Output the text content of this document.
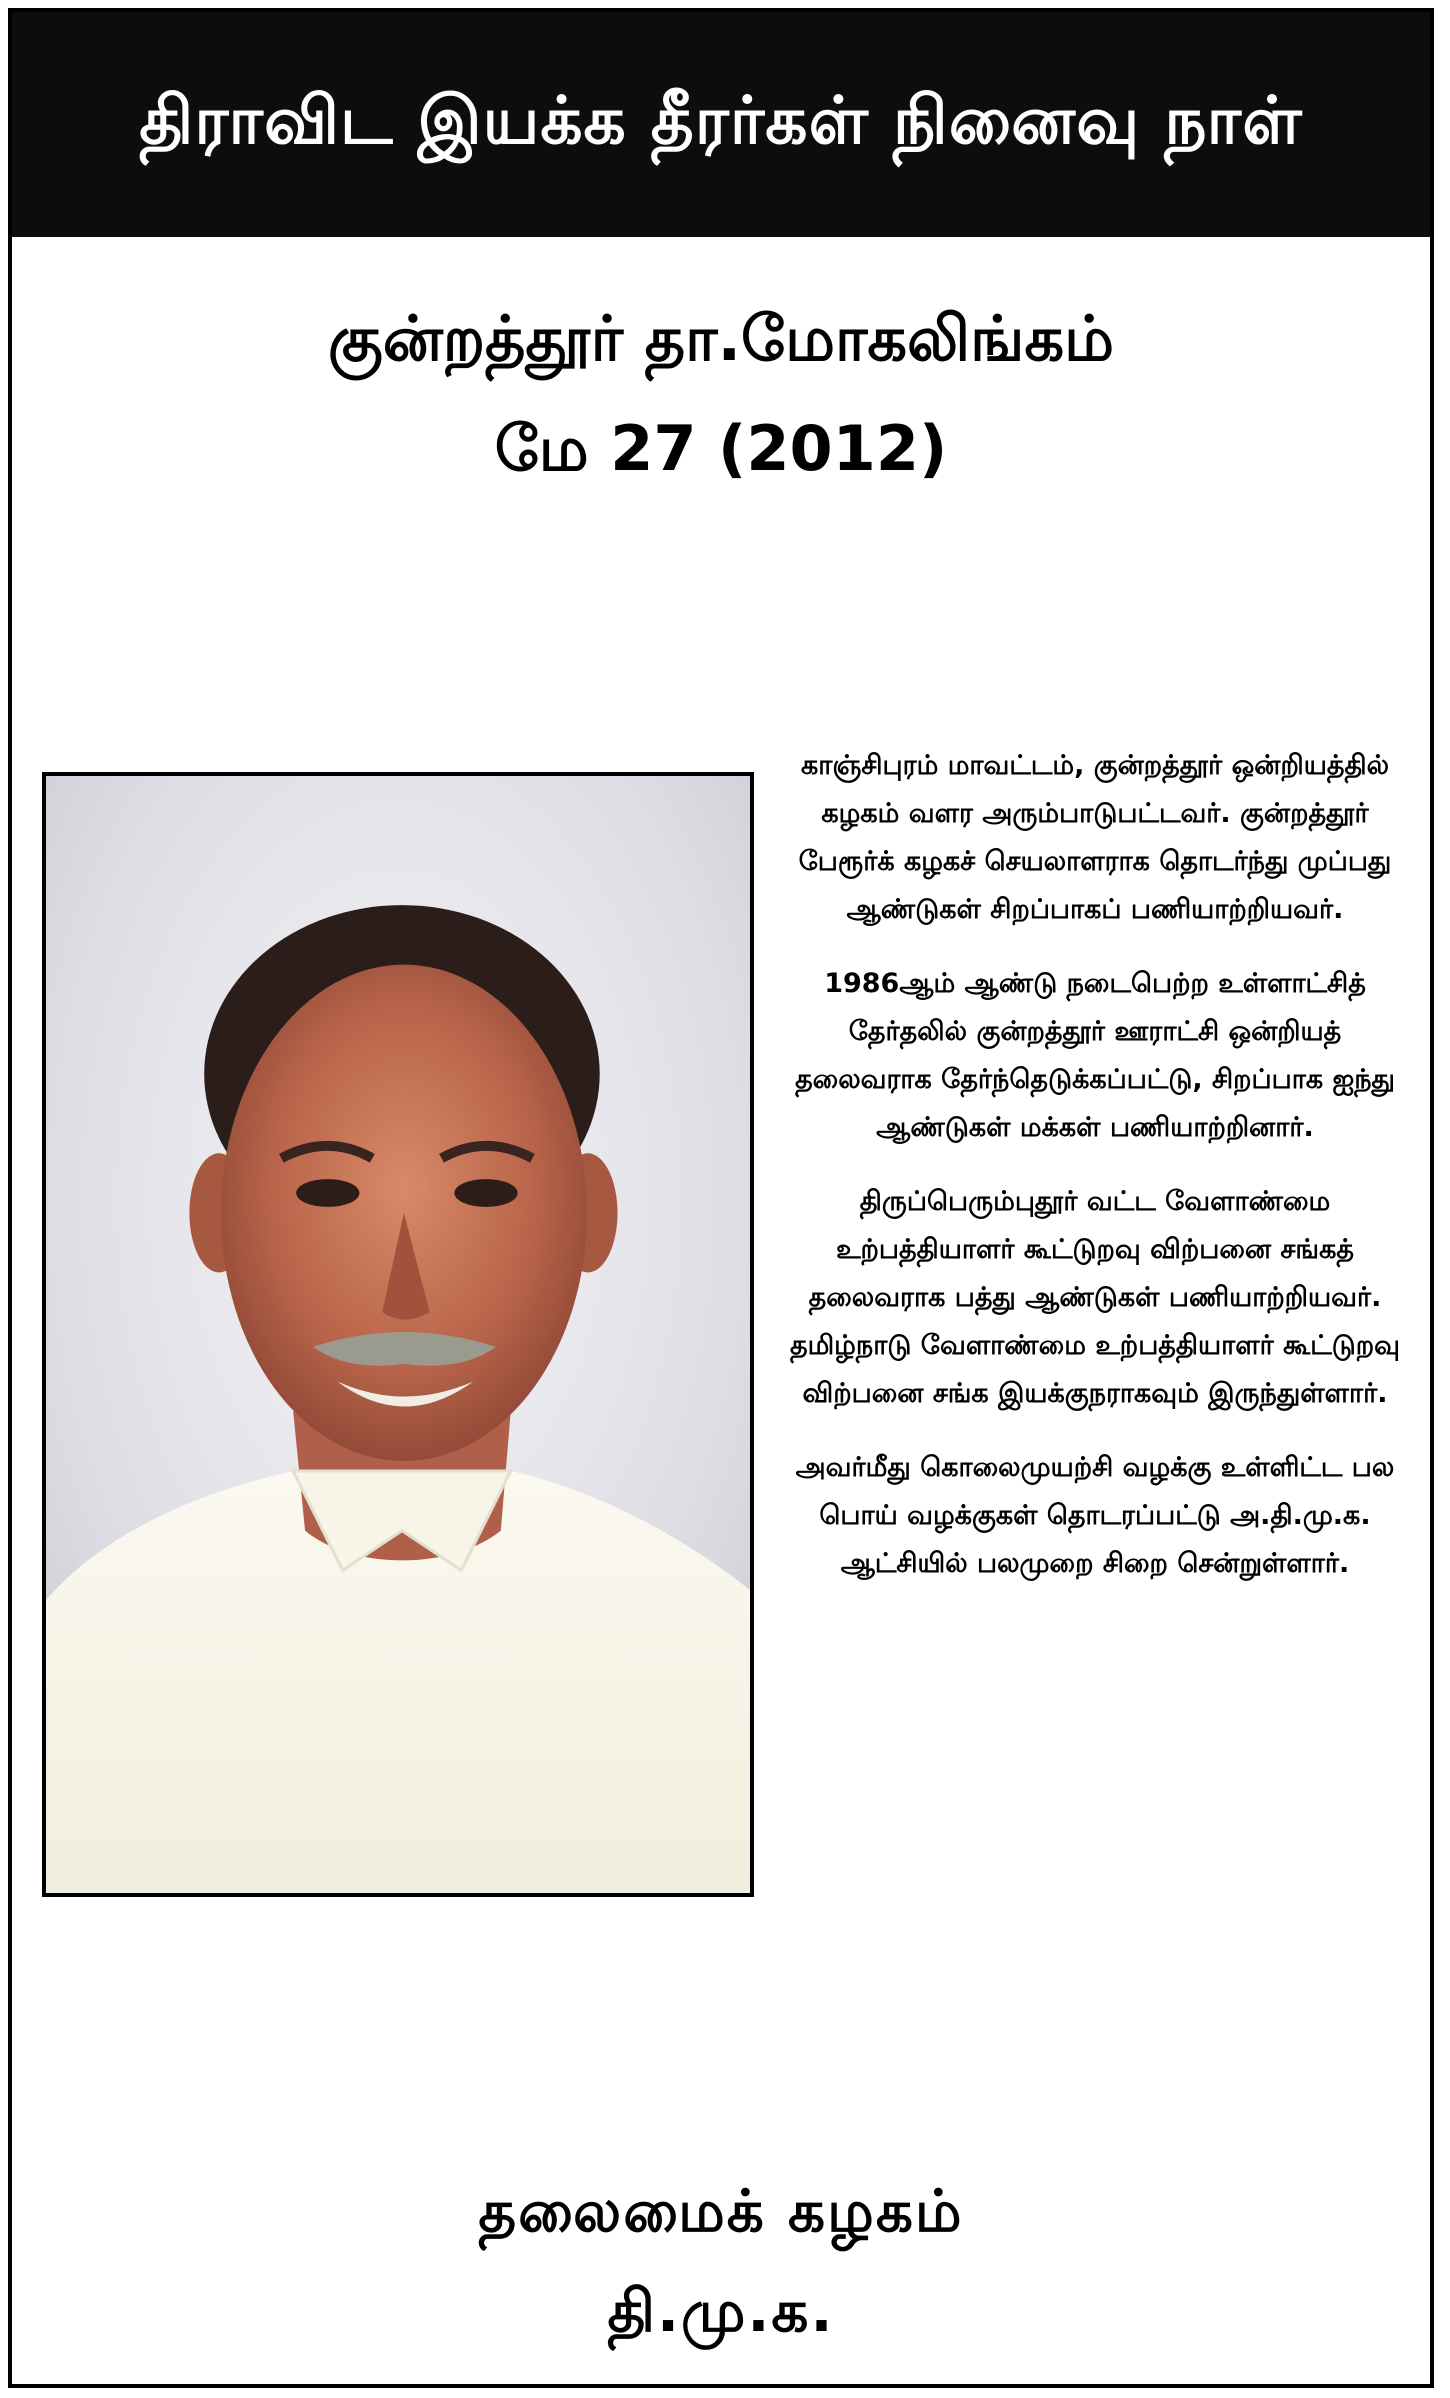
திராவிட இயக்க தீரர்கள் நினைவு நாள்
குன்றத்தூர் தா.மோகலிங்கம்
மே 27 (2012)

காஞ்சிபுரம் மாவட்டம், குன்றத்தூர் ஒன்றியத்தில் கழகம் வளர அரும்பாடுபட்டவர். குன்றத்தூர் பேரூர்க் கழகச் செயலாளராக தொடர்ந்து முப்பது ஆண்டுகள் சிறப்பாகப் பணியாற்றியவர்.

1986ஆம் ஆண்டு நடைபெற்ற உள்ளாட்சித் தேர்தலில் குன்றத்தூர் ஊராட்சி ஒன்றியத் தலைவராக தேர்ந்தெடுக்கப்பட்டு, சிறப்பாக ஐந்து ஆண்டுகள் மக்கள் பணியாற்றினார்.

திருப்பெரும்புதூர் வட்ட வேளாண்மை உற்பத்தியாளர் கூட்டுறவு விற்பனை சங்கத் தலைவராக பத்து ஆண்டுகள் பணியாற்றியவர். தமிழ்நாடு வேளாண்மை உற்பத்தியாளர் கூட்டுறவு விற்பனை சங்க இயக்குநராகவும் இருந்துள்ளார்.

அவர்மீது கொலைமுயற்சி வழக்கு உள்ளிட்ட பல பொய் வழக்குகள் தொடரப்பட்டு அ.தி.மு.க. ஆட்சியில் பலமுறை சிறை சென்றுள்ளார்.

தலைமைக் கழகம்
தி.மு.க.
